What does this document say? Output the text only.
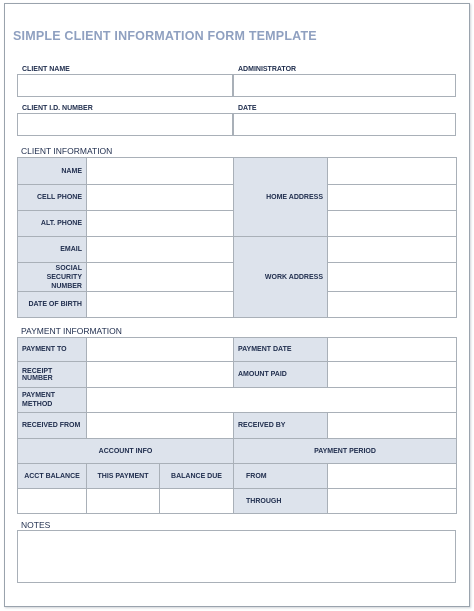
SIMPLE CLIENT INFORMATION FORM TEMPLATE
CLIENT NAME	ADMINISTRATOR
CLIENT I.D. NUMBER	DATE
CLIENT INFORMATION
NAME		HOME ADDRESS	
CELL PHONE			
ALT. PHONE			
EMAIL		WORK ADDRESS	

SOCIAL
SECURITY
NUMBER			

DATE OF BIRTH			
PAYMENT INFORMATION
PAYMENT TO			PAYMENT DATE	
RECEIPT NUMBER			AMOUNT PAID	

PAYMENT
METHOD				

RECEIVED FROM			RECEIVED BY	
ACCOUNT INFO			PAYMENT PERIOD	
ACCT BALANCE	THIS PAYMENT	BALANCE DUE	FROM	
			THROUGH	
NOTES
